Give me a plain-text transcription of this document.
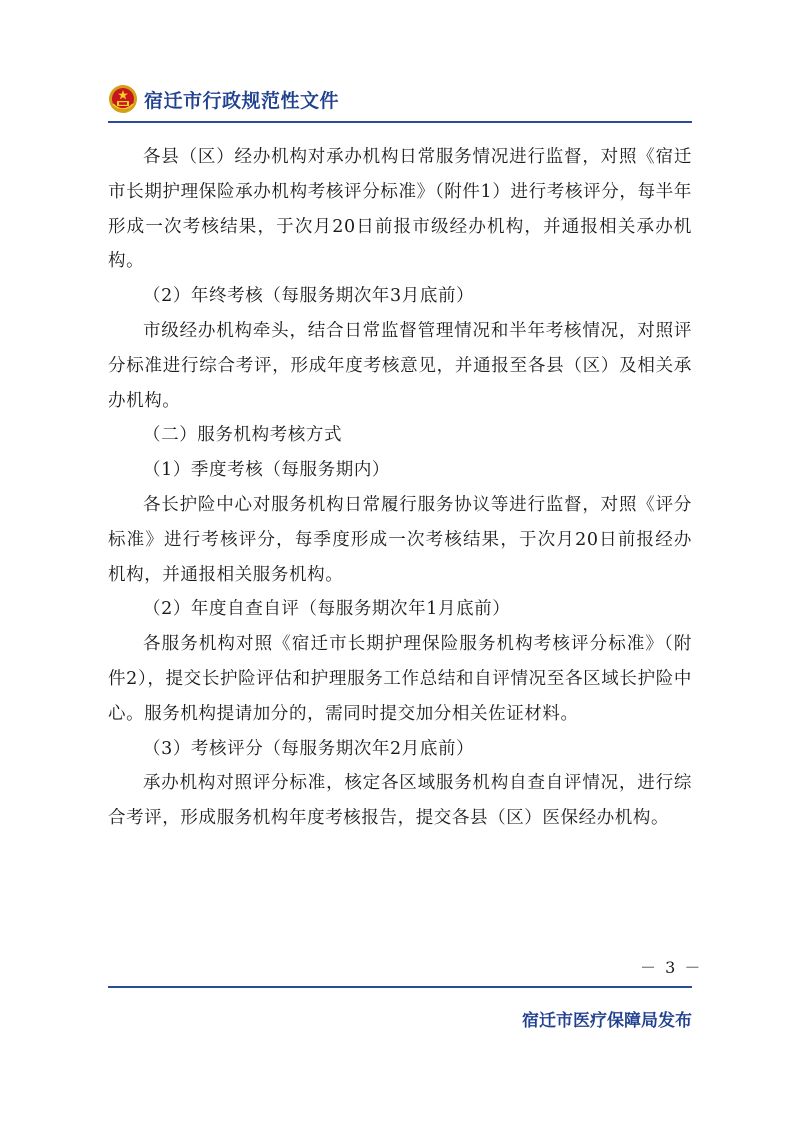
宿迁市行政规范性文件

各县（区）经办机构对承办机构日常服务情况进行监督，对照《宿迁市长期护理保险承办机构考核评分标准》（附件1）进行考核评分，每半年形成一次考核结果，于次月20日前报市级经办机构，并通报相关承办机构。

（2）年终考核（每服务期次年3月底前）

市级经办机构牵头，结合日常监督管理情况和半年考核情况，对照评分标准进行综合考评，形成年度考核意见，并通报至各县（区）及相关承办机构。

（二）服务机构考核方式

（1）季度考核（每服务期内）

各长护险中心对服务机构日常履行服务协议等进行监督，对照《评分标准》进行考核评分，每季度形成一次考核结果，于次月20日前报经办机构，并通报相关服务机构。

（2）年度自查自评（每服务期次年1月底前）

各服务机构对照《宿迁市长期护理保险服务机构考核评分标准》（附件2），提交长护险评估和护理服务工作总结和自评情况至各区域长护险中心。服务机构提请加分的，需同时提交加分相关佐证材料。

（3）考核评分（每服务期次年2月底前）

承办机构对照评分标准，核定各区域服务机构自查自评情况，进行综合考评，形成服务机构年度考核报告，提交各县（区）医保经办机构。

－ 3 －
宿迁市医疗保障局发布
